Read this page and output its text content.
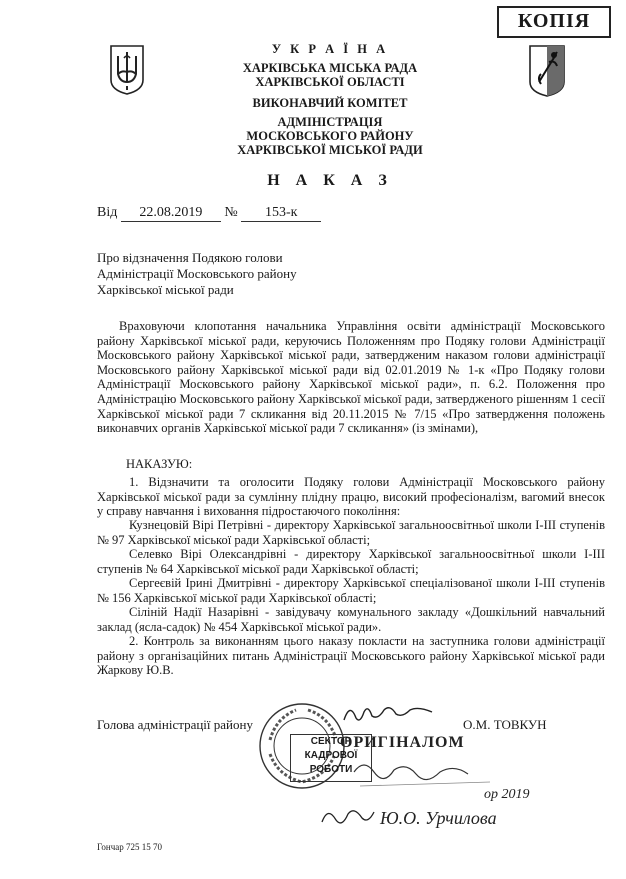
КОПІЯ
У К Р А Ї Н А
ХАРКІВСЬКА МІСЬКА РАДА
ХАРКІВСЬКОЇ ОБЛАСТІ
ВИКОНАВЧИЙ КОМІТЕТ
АДМІНІСТРАЦІЯ
МОСКОВСЬКОГО РАЙОНУ
ХАРКІВСЬКОЇ МІСЬКОЇ РАДИ
Н А К А З
Від 22.08.2019 № 153-к
Про відзначення Подякою голови
Адміністрації Московського району
Харківської міської ради
Враховуючи клопотання начальника Управління освіти адміністрації Московського району Харківської міської ради, керуючись Положенням про Подяку голови Адміністрації Московського району Харківської міської ради, затвердженим наказом голови адміністрації Московського району Харківської міської ради від 02.01.2019 № 1-к «Про Подяку голови Адміністрації Московського району Харківської міської ради», п. 6.2. Положення про Адміністрацію Московського району Харківської міської ради, затвердженого рішенням 1 сесії Харківської міської ради 7 скликання від 20.11.2015 № 7/15 «Про затвердження положень виконавчих органів Харківської міської ради 7 скликання» (із змінами),
НАКАЗУЮ:
1. Відзначити та оголосити Подяку голови Адміністрації Московського району Харківської міської ради за сумлінну плідну працю, високий професіоналізм, вагомий внесок у справу навчання і виховання підростаючого покоління:
Кузнецовій Вірі Петрівні - директору Харківської загальноосвітньої школи І-ІІІ ступенів № 97 Харківської міської ради Харківської області;
Селевко Вірі Олександрівні - директору Харківської загальноосвітньої школи І-ІІІ ступенів № 64 Харківської міської ради Харківської області;
Сергеєвій Ірині Дмитрівні - директору Харківської спеціалізованої школи І-ІІІ ступенів № 156 Харківської міської ради Харківської області;
Сіліній Надії Назарівні - завідувачу комунального закладу «Дошкільний навчальний заклад (ясла-садок) № 454 Харківської міської ради».
2. Контроль за виконанням цього наказу покласти на заступника голови адміністрації району з організаційних питань Адміністрації Московського району Харківської міської ради Жаркову Ю.В.
Голова адміністрації району	О.М. ТОВКУН
СЕКТОР
КАДРОВОЇ
РОБОТИ
ОРИГІНАЛОМ
ор 2019
Ю.О. Урчилова
Гончар 725 15 70
